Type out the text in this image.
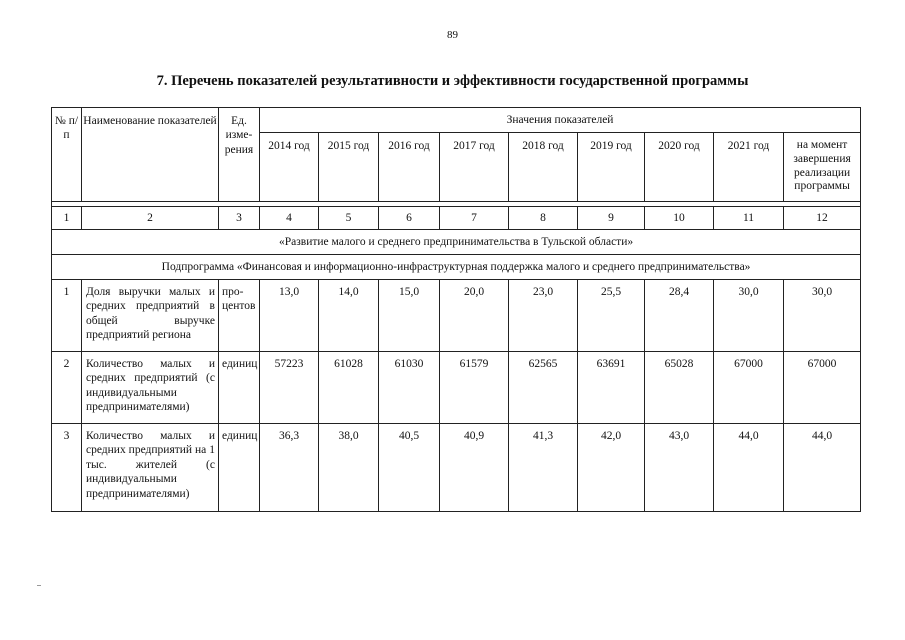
89
7. Перечень показателей результативности и эффективности государственной программы
№ п/п	Наименование показателей	Ед. изме-рения	Значения показателей								
			2014 год	2015 год	2016 год	2017 год	2018 год	2019 год	2020 год	2021 год	на момент завершения реализации программы

1	2	3	4	5	6	7	8	9	10	11	12
«Развитие малого и среднего предпринимательства в Тульской области»											
Подпрограмма «Финансовая и информационно-инфраструктурная поддержка малого и среднего предпринимательства»											
1	Доля выручки малых и средних предприятий в общей выручке предприятий региона	про-центов	13,0	14,0	15,0	20,0	23,0	25,5	28,4	30,0	30,0
2	Количество малых и средних предприятий (с индивидуальными предпринимателями)	единиц	57223	61028	61030	61579	62565	63691	65028	67000	67000
3	Количество малых и средних предприятий на 1 тыс. жителей (с индивидуальными предпринимателями)	единиц	36,3	38,0	40,5	40,9	41,3	42,0	43,0	44,0	44,0
